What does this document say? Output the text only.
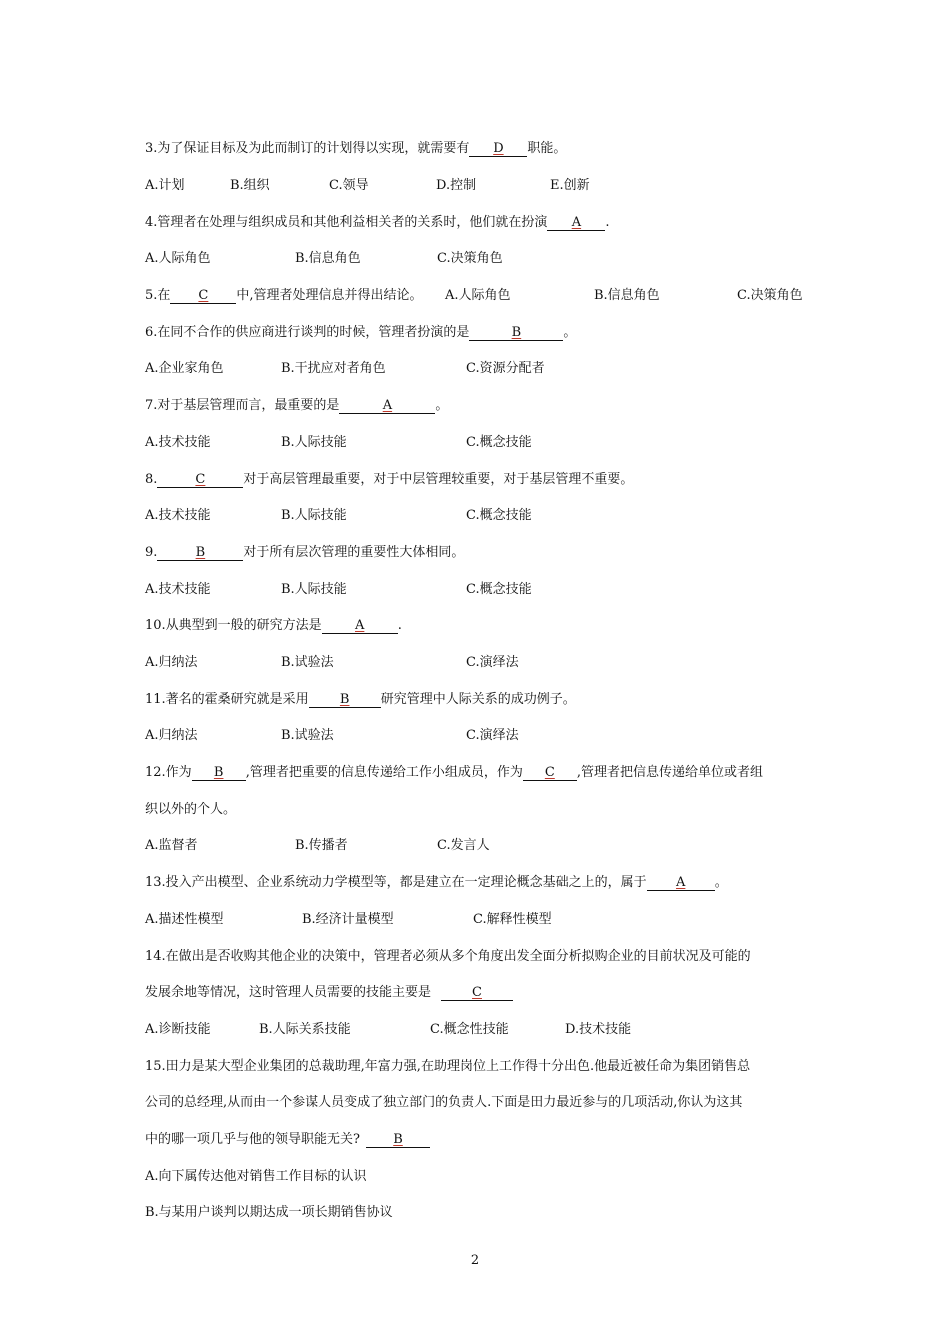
3.为了保证目标及为此而制订的计划得以实现，就需要有 D 职能。
A.计划	B.组织	C.领导	D.控制	E.创新
4.管理者在处理与组织成员和其他利益相关者的关系时，他们就在扮演 A .
A.人际角色	B.信息角色	C.决策角色
5.在 C 中,管理者处理信息并得出结论。 A.人际角色	B.信息角色	C.决策角色
6.在同不合作的供应商进行谈判的时候，管理者扮演的是	B	。
A.企业家角色	B.干扰应对者角色	C.资源分配者
7.对于基层管理而言，最重要的是	A	。
A.技术技能	B.人际技能	C.概念技能
8.	C	对于高层管理最重要，对于中层管理较重要，对于基层管理不重要。
A.技术技能	B.人际技能	C.概念技能
9.	B	对于所有层次管理的重要性大体相同。
A.技术技能	B.人际技能	C.概念技能
10.从典型到一般的研究方法是	A	.
A.归纳法	B.试验法	C.演绎法
11.著名的霍桑研究就是采用 B 研究管理中人际关系的成功例子。
A.归纳法	B.试验法	C.演绎法
12.作为 B ,管理者把重要的信息传递给工作小组成员，作为 C ,管理者把信息传递给单位或者组
织以外的个人。
A.监督者	B.传播者	C.发言人
13.投入产出模型、企业系统动力学模型等，都是建立在一定理论概念基础之上的，属于 A 。
A.描述性模型	B.经济计量模型	C.解释性模型
14.在做出是否收购其他企业的决策中，管理者必须从多个角度出发全面分析拟购企业的目前状况及可能的
发展余地等情况，这时管理人员需要的技能主要是	C
A.诊断技能	B.人际关系技能	C.概念性技能	D.技术技能
15.田力是某大型企业集团的总裁助理,年富力强,在助理岗位上工作得十分出色.他最近被任命为集团销售总
公司的总经理,从而由一个参谋人员变成了独立部门的负责人.下面是田力最近参与的几项活动,你认为这其
中的哪一项几乎与他的领导职能无关?	B
A.向下属传达他对销售工作目标的认识
B.与某用户谈判以期达成一项长期销售协议
2
